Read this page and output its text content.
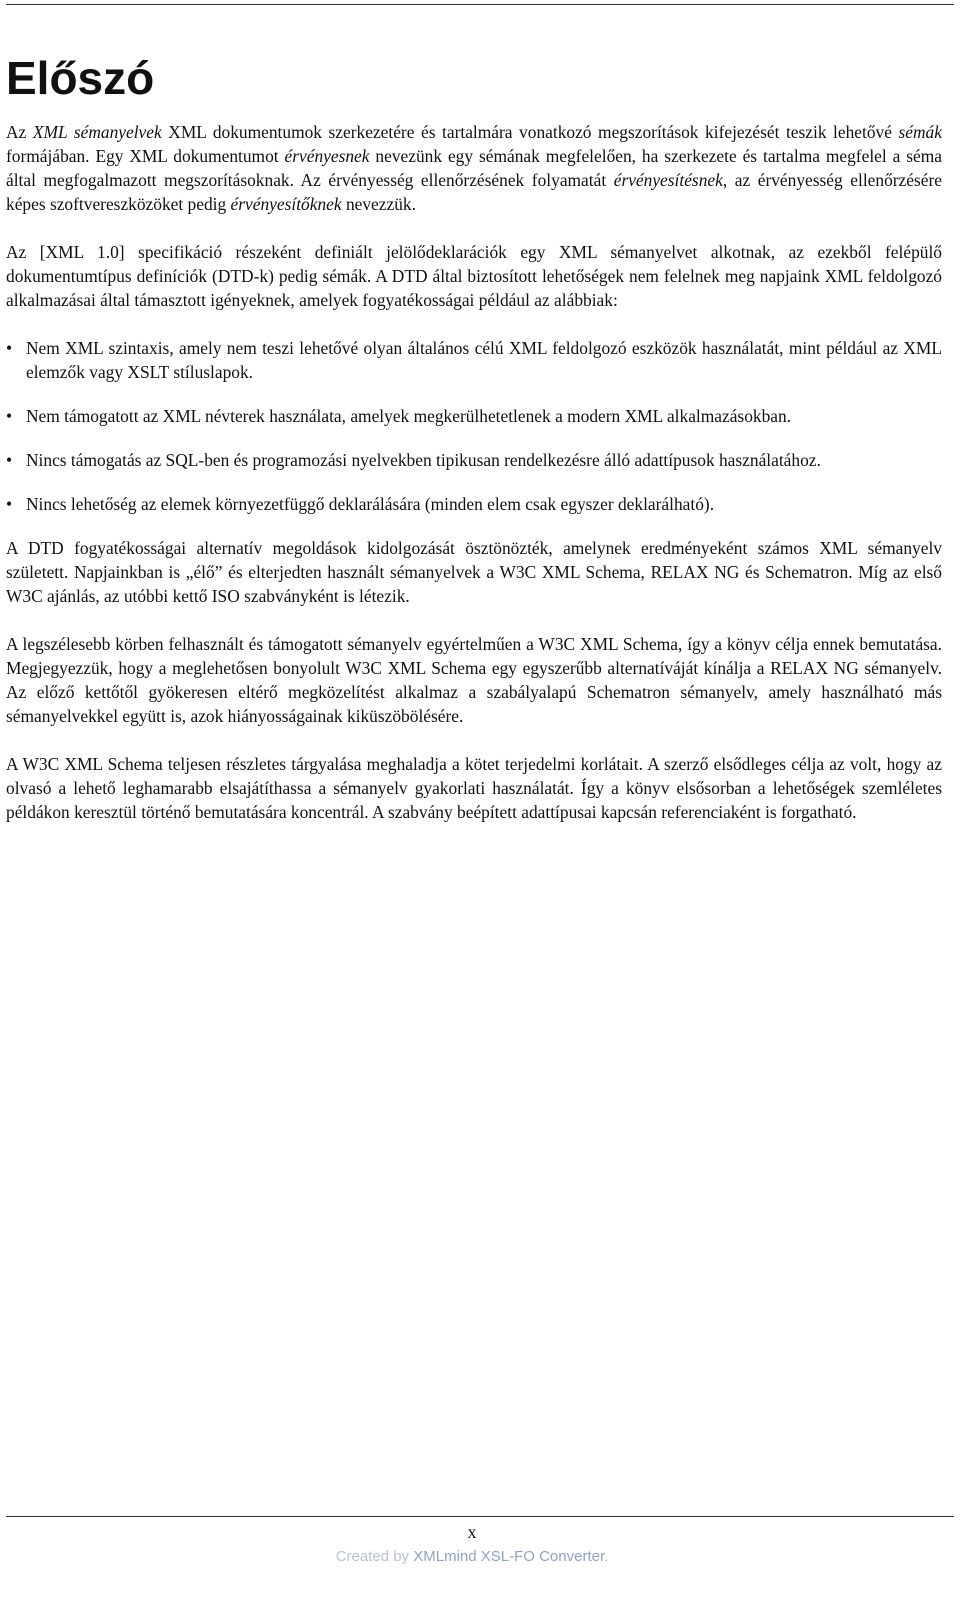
Előszó

Az XML sémanyelvek XML dokumentumok szerkezetére és tartalmára vonatkozó megszorítások kifejezését teszik lehetővé sémák formájában. Egy XML dokumentumot érvényesnek nevezünk egy sémának megfelelően, ha szerkezete és tartalma megfelel a séma által megfogalmazott megszorításoknak. Az érvényesség ellenőrzésének folyamatát érvényesítésnek, az érvényesség ellenőrzésére képes szoftvereszközöket pedig érvényesítőknek nevezzük.

Az [XML 1.0] specifikáció részeként definiált jelölődeklarációk egy XML sémanyelvet alkotnak, az ezekből felépülő dokumentumtípus definíciók (DTD-k) pedig sémák. A DTD által biztosított lehetőségek nem felelnek meg napjaink XML feldolgozó alkalmazásai által támasztott igényeknek, amelyek fogyatékosságai például az alábbiak:

• Nem XML szintaxis, amely nem teszi lehetővé olyan általános célú XML feldolgozó eszközök használatát, mint például az XML elemzők vagy XSLT stíluslapok.
• Nem támogatott az XML névterek használata, amelyek megkerülhetetlenek a modern XML alkalmazásokban.
• Nincs támogatás az SQL-ben és programozási nyelvekben tipikusan rendelkezésre álló adattípusok használatához.
• Nincs lehetőség az elemek környezetfüggő deklarálására (minden elem csak egyszer deklarálható).

A DTD fogyatékosságai alternatív megoldások kidolgozását ösztönözték, amelynek eredményeként számos XML sémanyelv született. Napjainkban is „élő” és elterjedten használt sémanyelvek a W3C XML Schema, RELAX NG és Schematron. Míg az első W3C ajánlás, az utóbbi kettő ISO szabványként is létezik.

A legszélesebb körben felhasznált és támogatott sémanyelv egyértelműen a W3C XML Schema, így a könyv célja ennek bemutatása. Megjegyezzük, hogy a meglehetősen bonyolult W3C XML Schema egy egyszerűbb alternatíváját kínálja a RELAX NG sémanyelv. Az előző kettőtől gyökeresen eltérő megközelítést alkalmaz a szabályalapú Schematron sémanyelv, amely használható más sémanyelvekkel együtt is, azok hiányosságainak kiküszöbölésére.

A W3C XML Schema teljesen részletes tárgyalása meghaladja a kötet terjedelmi korlátait. A szerző elsődleges célja az volt, hogy az olvasó a lehető leghamarabb elsajátíthassa a sémanyelv gyakorlati használatát. Így a könyv elsősorban a lehetőségek szemléletes példákon keresztül történő bemutatására koncentrál. A szabvány beépített adattípusai kapcsán referenciaként is forgatható.

x
Created by XMLmind XSL-FO Converter.
